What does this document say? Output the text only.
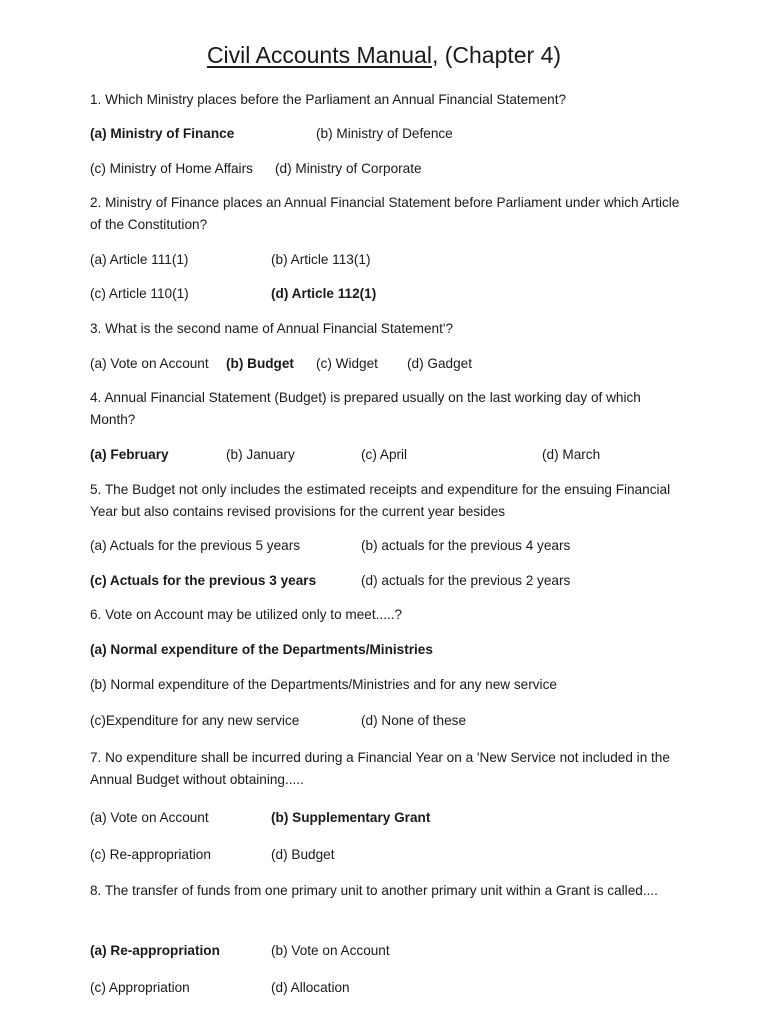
Civil Accounts Manual, (Chapter 4)

1. Which Ministry places before the Parliament an Annual Financial Statement?

(a) Ministry of Finance	(b) Ministry of Defence
(c) Ministry of Home Affairs (d) Ministry of Corporate

2. Ministry of Finance places an Annual Financial Statement before Parliament under which Article of the Constitution?

(a) Article 111(1)	(b) Article 113(1)
(c) Article 110(1)	(d) Article 112(1)

3. What is the second name of Annual Financial Statement'?

(a) Vote on Account (b) Budget (c) Widget (d) Gadget

4. Annual Financial Statement (Budget) is prepared usually on the last working day of which Month?

(a) February	(b) January	(c) April	(d) March

5. The Budget not only includes the estimated receipts and expenditure for the ensuing Financial Year but also contains revised provisions for the current year besides

(a) Actuals for the previous 5 years	(b) actuals for the previous 4 years
(c) Actuals for the previous 3 years	(d) actuals for the previous 2 years

6. Vote on Account may be utilized only to meet.....?

(a) Normal expenditure of the Departments/Ministries
(b) Normal expenditure of the Departments/Ministries and for any new service
(c)Expenditure for any new service	(d) None of these

7. No expenditure shall be incurred during a Financial Year on a 'New Service not included in the Annual Budget without obtaining.....

(a) Vote on Account	(b) Supplementary Grant
(c) Re-appropriation	(d) Budget

8. The transfer of funds from one primary unit to another primary unit within a Grant is called....

(a) Re-appropriation	(b) Vote on Account
(c) Appropriation	(d) Allocation
